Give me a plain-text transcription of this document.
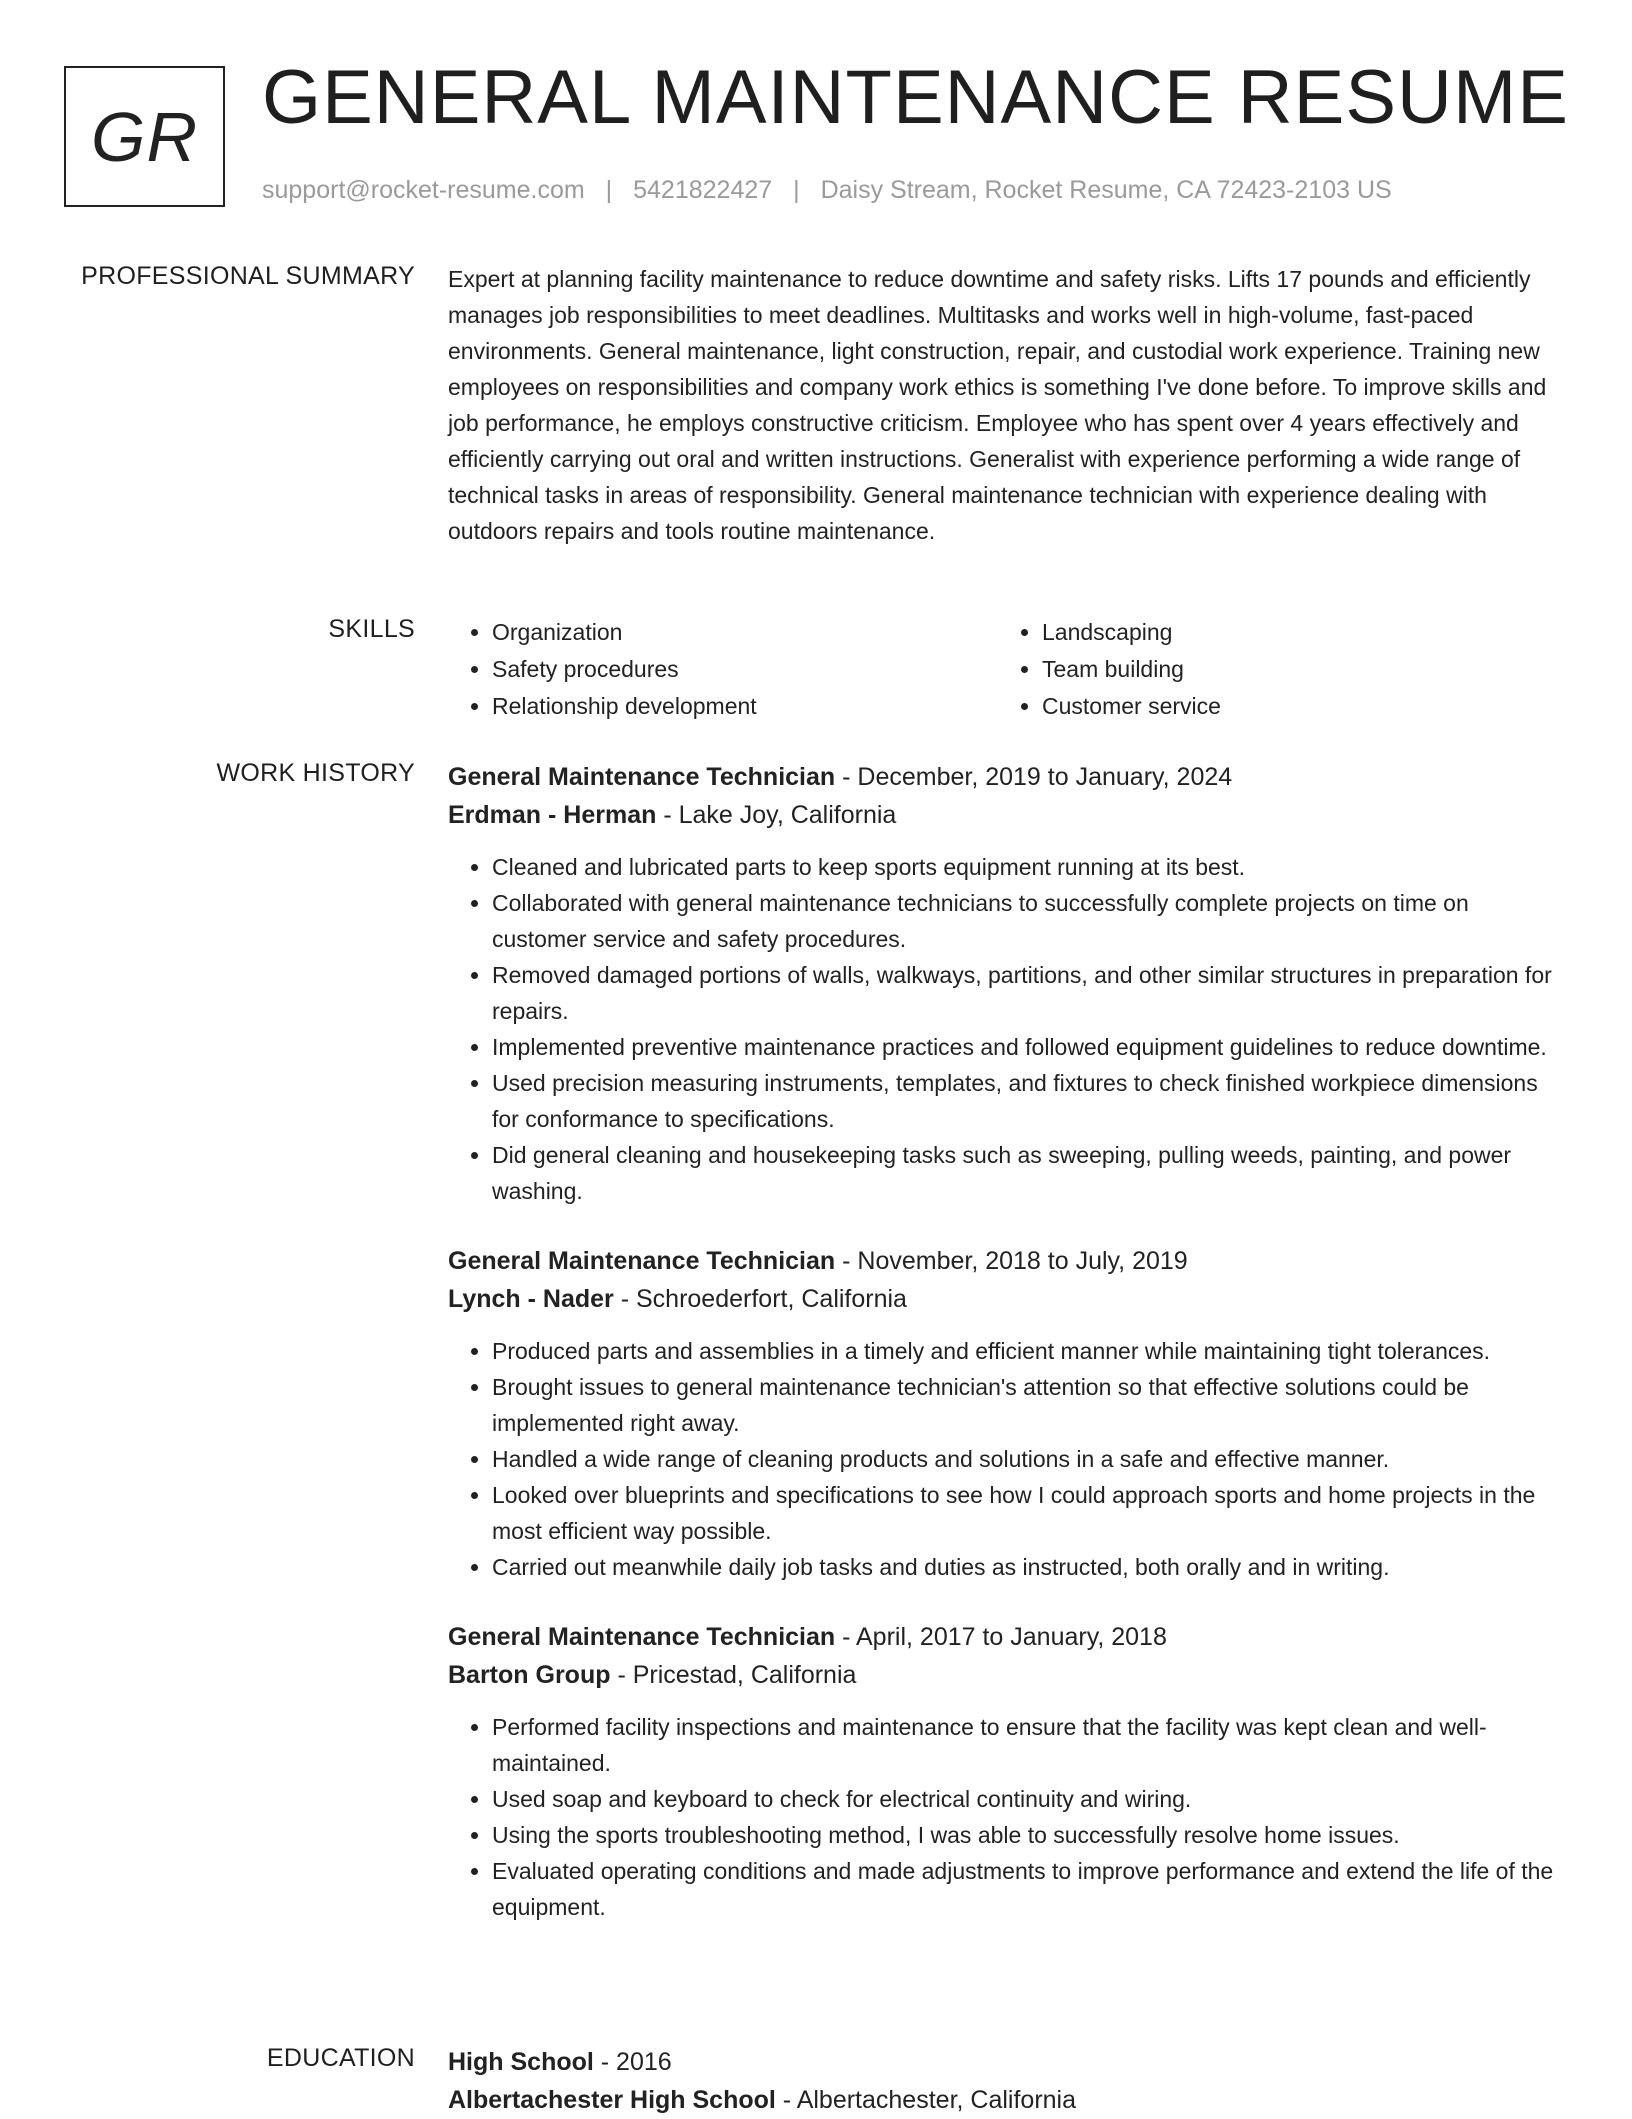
GR GENERAL MAINTENANCE RESUME
support@rocket-resume.com | 5421822427 | Daisy Stream, Rocket Resume, CA 72423-2103 US
PROFESSIONAL SUMMARY Expert at planning facility maintenance to reduce downtime and safety risks. Lifts 17 pounds and efficiently manages job responsibilities to meet deadlines. Multitasks and works well in high-volume, fast-paced environments. General maintenance, light construction, repair, and custodial work experience. Training new employees on responsibilities and company work ethics is something I've done before. To improve skills and job performance, he employs constructive criticism. Employee who has spent over 4 years effectively and efficiently carrying out oral and written instructions. Generalist with experience performing a wide range of technical tasks in areas of responsibility. General maintenance technician with experience dealing with outdoors repairs and tools routine maintenance.

SKILLS
•	Organization
• Safety procedures
• Relationship development
• Landscaping
• Team building
• Customer service
WORK HISTORY General Maintenance Technician - December, 2019 to January, 2024
Erdman - Herman - Lake Joy, California
• Cleaned and lubricated parts to keep sports equipment running at its best.
• Collaborated with general maintenance technicians to successfully complete projects on time on customer service and safety procedures.
• Removed damaged portions of walls, walkways, partitions, and other similar structures in preparation for repairs.
• Implemented preventive maintenance practices and followed equipment guidelines to reduce downtime.
• Used precision measuring instruments, templates, and fixtures to check finished workpiece dimensions for conformance to specifications.
• Did general cleaning and housekeeping tasks such as sweeping, pulling weeds, painting, and power washing.
General Maintenance Technician - November, 2018 to July, 2019
Lynch - Nader - Schroederfort, California
• Produced parts and assemblies in a timely and efficient manner while maintaining tight tolerances.
• Brought issues to general maintenance technician's attention so that effective solutions could be implemented right away.
• Handled a wide range of cleaning products and solutions in a safe and effective manner.
• Looked over blueprints and specifications to see how I could approach sports and home projects in the most efficient way possible.
• Carried out meanwhile daily job tasks and duties as instructed, both orally and in writing.
General Maintenance Technician - April, 2017 to January, 2018
Barton Group - Pricestad, California
• Performed facility inspections and maintenance to ensure that the facility was kept clean and well-maintained.
• Used soap and keyboard to check for electrical continuity and wiring.
• Using the sports troubleshooting method, I was able to successfully resolve home issues.
• Evaluated operating conditions and made adjustments to improve performance and extend the life of the equipment.
EDUCATION High School - 2016
Albertachester High School - Albertachester, California
